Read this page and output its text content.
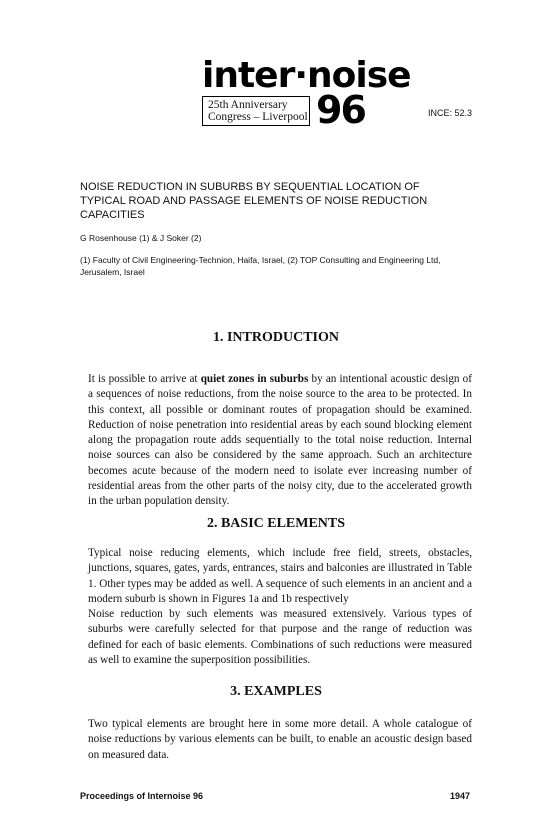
inter·noise
25th Anniversary
Congress – Liverpool 96	INCE: 52.3
NOISE REDUCTION IN SUBURBS BY SEQUENTIAL LOCATION OF TYPICAL ROAD AND PASSAGE ELEMENTS OF NOISE REDUCTION CAPACITIES
G Rosenhouse (1) & J Soker (2)
(1) Faculty of Civil Engineering-Technion, Haifa, Israel, (2) TOP Consulting and Engineering Ltd, Jerusalem, Israel
1. INTRODUCTION
It is possible to arrive at quiet zones in suburbs by an intentional acoustic design of a sequences of noise reductions, from the noise source to the area to be protected. In this context, all possible or dominant routes of propagation should be examined. Reduction of noise penetration into residential areas by each sound blocking element along the propagation route adds sequentially to the total noise reduction. Internal noise sources can also be considered by the same approach. Such an architecture becomes acute because of the modern need to isolate ever increasing number of residential areas from the other parts of the noisy city, due to the accelerated growth in the urban population density.
2. BASIC ELEMENTS
Typical noise reducing elements, which include free field, streets, obstacles, junctions, squares, gates, yards, entrances, stairs and balconies are illustrated in Table 1. Other types may be added as well. A sequence of such elements in an ancient and a modern suburb is shown in Figures 1a and 1b respectively
Noise reduction by such elements was measured extensively. Various types of suburbs were carefully selected for that purpose and the range of reduction was defined for each of basic elements. Combinations of such reductions were measured as well to examine the superposition possibilities.
3. EXAMPLES
Two typical elements are brought here in some more detail. A whole catalogue of noise reductions by various elements can be built, to enable an acoustic design based on measured data.
Proceedings of Internoise 96	1947
